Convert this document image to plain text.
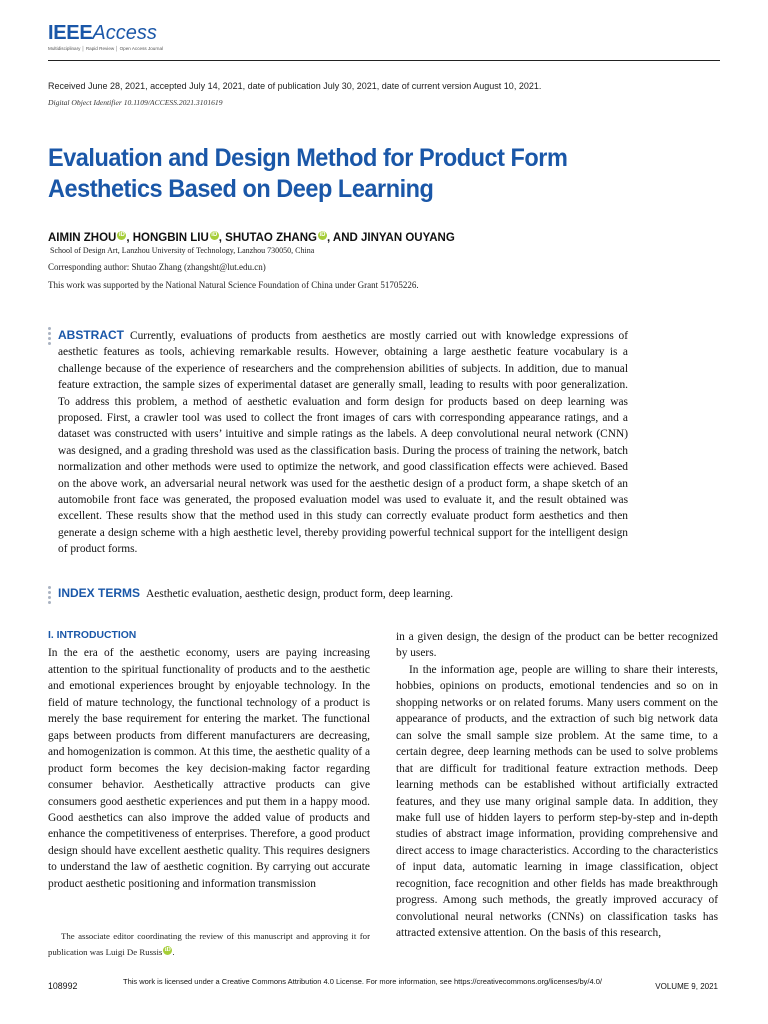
IEEEAccess
Multidisciplinary │ Rapid Review │ Open Access Journal
Received June 28, 2021, accepted July 14, 2021, date of publication July 30, 2021, date of current version August 10, 2021.
Digital Object Identifier 10.1109/ACCESS.2021.3101619
Evaluation and Design Method for Product Form Aesthetics Based on Deep Learning
AIMIN ZHOU iD , HONGBIN LIU iD , SHUTAO ZHANG iD , AND JINYAN OUYANG
School of Design Art, Lanzhou University of Technology, Lanzhou 730050, China
Corresponding author: Shutao Zhang (zhangsht@lut.edu.cn)
This work was supported by the National Natural Science Foundation of China under Grant 51705226.
ABSTRACT Currently, evaluations of products from aesthetics are mostly carried out with knowledge expressions of aesthetic features as tools, achieving remarkable results. However, obtaining a large aesthetic feature vocabulary is a challenge because of the experience of researchers and the comprehension abilities of subjects. In addition, due to manual feature extraction, the sample sizes of experimental dataset are generally small, leading to results with poor generalization. To address this problem, a method of aesthetic evaluation and form design for products based on deep learning was proposed. First, a crawler tool was used to collect the front images of cars with corresponding appearance ratings, and a dataset was constructed with users’ intuitive and simple ratings as the labels. A deep convolutional neural network (CNN) was designed, and a grading threshold was used as the classification basis. During the process of training the network, batch normalization and other methods were used to optimize the network, and good classification effects were achieved. Based on the above work, an adversarial neural network was used for the aesthetic design of a product form, a shape sketch of an automobile front face was generated, the proposed evaluation model was used to evaluate it, and the result obtained was excellent. These results show that the method used in this study can correctly evaluate product form aesthetics and then generate a design scheme with a high aesthetic level, thereby providing powerful technical support for the intelligent design of product forms.
INDEX TERMS Aesthetic evaluation, aesthetic design, product form, deep learning.
I. INTRODUCTION

In the era of the aesthetic economy, users are paying increasing attention to the spiritual functionality of products and to the aesthetic and emotional experiences brought by enjoyable technology. In the field of mature technology, the functional technology of a product is merely the base requirement for entering the market. The functional gaps between products from different manufacturers are decreasing, and homogenization is common. At this time, the aesthetic quality of a product form becomes the key decision-making factor regarding consumer behavior. Aesthetically attractive products can give consumers good aesthetic experiences and put them in a happy mood. Good aesthetics can also improve the added value of products and enhance the competitiveness of enterprises. Therefore, a good product design should have excellent aesthetic quality. This requires designers to understand the law of aesthetic cognition. By carrying out accurate product aesthetic positioning and information transmission

in a given design, the design of the product can be better recognized by users.

In the information age, people are willing to share their interests, hobbies, opinions on products, emotional tendencies and so on in shopping networks or on related forums. Many users comment on the appearance of products, and the extraction of such big network data can solve the small sample size problem. At the same time, to a certain degree, deep learning methods can be used to solve problems that are difficult for traditional feature extraction methods. Deep learning methods can be established without artificially extracted features, and they use many original sample data. In addition, they make full use of hidden layers to perform step-by-step and in-depth studies of abstract image information, providing comprehensive and direct access to image characteristics. According to the characteristics of input data, automatic learning in image classification, object recognition, face recognition and other fields has made breakthrough progress. Among such methods, the greatly improved accuracy of convolutional neural networks (CNNs) on classification tasks has attracted extensive attention. On the basis of this research,

The associate editor coordinating the review of this manuscript and approving it for publication was Luigi De Russis iD .
108992	This work is licensed under a Creative Commons Attribution 4.0 License. For more information, see https://creativecommons.org/licenses/by/4.0/
VOLUME 9, 2021
